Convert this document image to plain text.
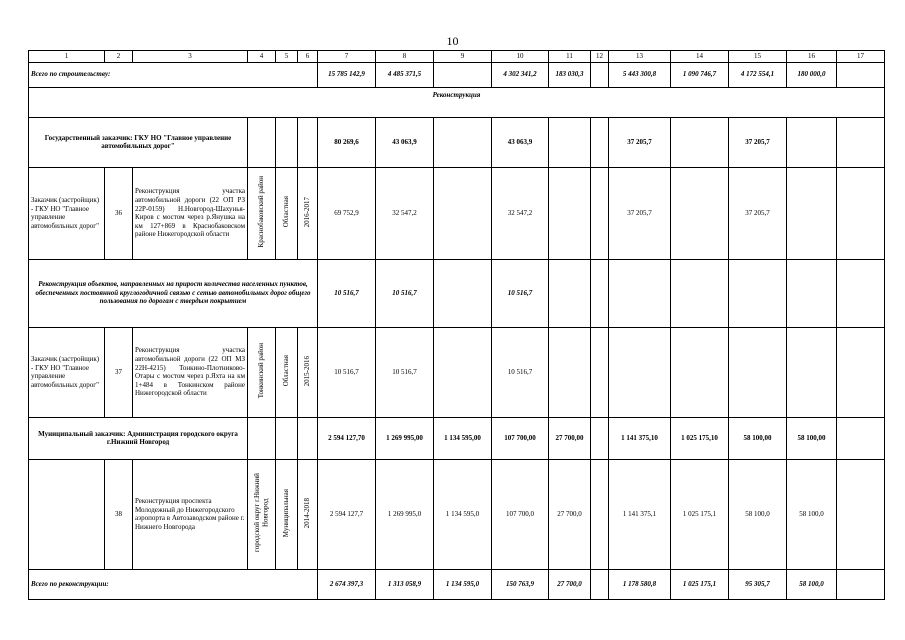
10
1	2	3	4	5	6	7	8	9	10	11	12	13	14	15	16	17
Всего по строительству:						15 785 142,9	4 485 371,5		4 302 341,2	183 030,3		5 443 300,8	1 090 746,7	4 172 554,1	180 000,0	
Реконструкция																
Государственный заказчик: ГКУ НО "Главное управление автомобильных дорог"						80 269,6	43 063,9		43 063,9			37 205,7		37 205,7		
Заказчик (застройщик) - ГКУ НО "Главное управление автомобильных дорог"	36	Реконструкция участка автомобильной дороги (22 ОП РЗ 22Р-0159) Н.Новгород-Шахунья-Киров с мостом через р.Янушка на км 127+869 в Краснобаковском районе Нижегородской области	Краснобаковский район	Областная	2016-2017	69 752,9	32 547,2		32 547,2			37 205,7		37 205,7		
Реконструкция объектов, направленных на прирост количества населенных пунктов, обеспеченных постоянной круглогодичной связью с сетью автомобильных дорог общего пользования по дорогам с твердым покрытием						10 516,7	10 516,7		10 516,7							
Заказчик (застройщик) - ГКУ НО "Главное управление автомобильных дорог"	37	Реконструкция участка автомобильной дороги (22 ОП МЗ 22Н-4215) Тонкино-Плотниково-Отары с мостом через р.Яхта на км 1+484 в Тонкинском районе Нижегородской области	Тонкинский район	Областная	2015-2016	10 516,7	10 516,7		10 516,7							
Муниципальный заказчик: Администрация городского округа г.Нижний Новгород						2 594 127,70	1 269 995,00	1 134 595,00	107 700,00	27 700,00		1 141 375,10	1 025 175,10	58 100,00	58 100,00	
	38	Реконструкция проспекта Молодежный до Нижегородского аэропорта в Автозаводском районе г. Нижнего Новгорода	городской округ г.Нижний Новгород	Муниципальная	2014-2018	2 594 127,7	1 269 995,0	1 134 595,0	107 700,0	27 700,0		1 141 375,1	1 025 175,1	58 100,0	58 100,0	
Всего по реконструкции:						2 674 397,3	1 313 058,9	1 134 595,0	150 763,9	27 700,0		1 178 580,8	1 025 175,1	95 305,7	58 100,0	
